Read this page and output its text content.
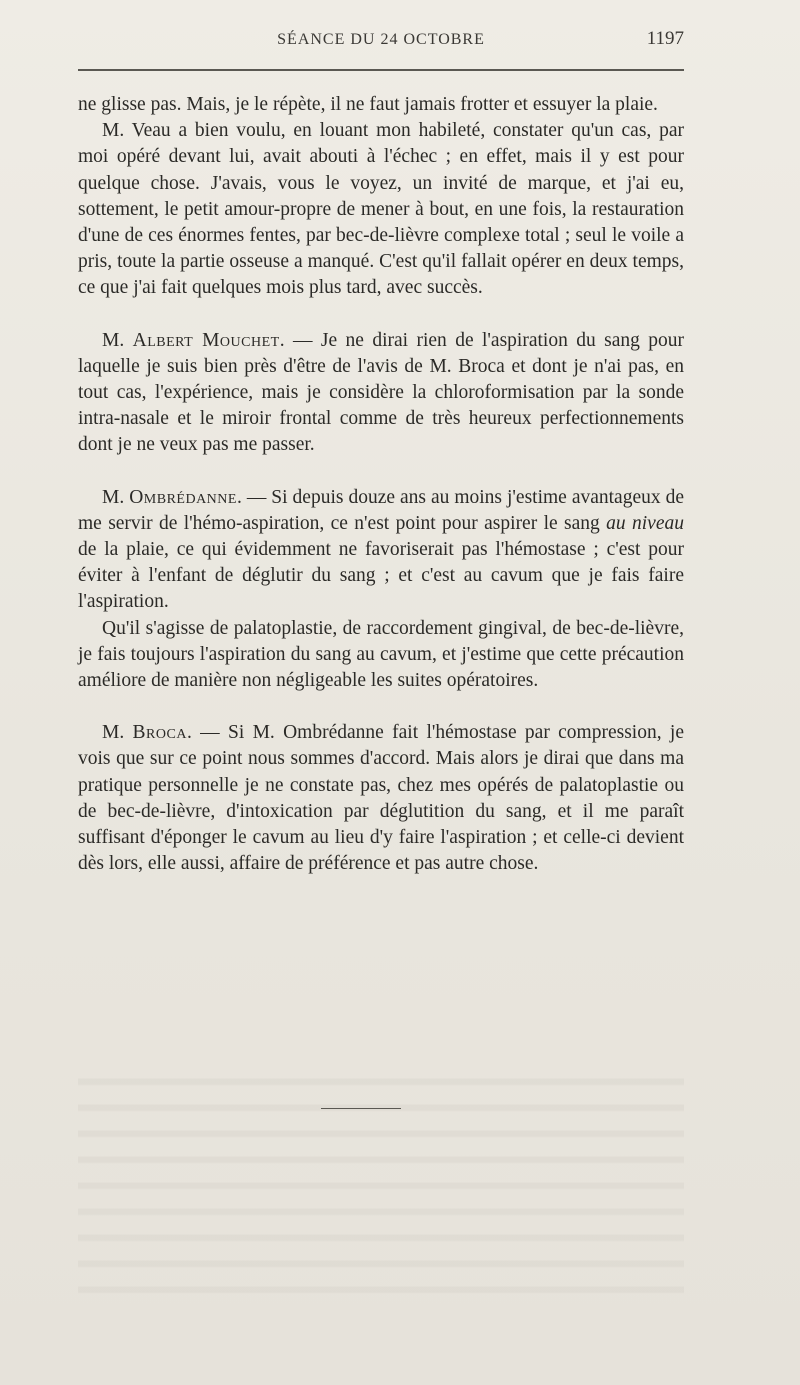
SÉANCE DU 24 OCTOBRE	1197

ne glisse pas. Mais, je le répète, il ne faut jamais frotter et essuyer la plaie.

M. Veau a bien voulu, en louant mon habileté, constater qu'un cas, par moi opéré devant lui, avait abouti à l'échec ; en effet, mais il y est pour quelque chose. J'avais, vous le voyez, un invité de marque, et j'ai eu, sottement, le petit amour-propre de mener à bout, en une fois, la restauration d'une de ces énormes fentes, par bec-de-lièvre complexe total ; seul le voile a pris, toute la partie osseuse a manqué. C'est qu'il fallait opérer en deux temps, ce que j'ai fait quelques mois plus tard, avec succès.

M. Albert Mouchet. — Je ne dirai rien de l'aspiration du sang pour laquelle je suis bien près d'être de l'avis de M. Broca et dont je n'ai pas, en tout cas, l'expérience, mais je considère la chloroformisation par la sonde intra-nasale et le miroir frontal comme de très heureux perfectionnements dont je ne veux pas me passer.

M. Ombrédanne. — Si depuis douze ans au moins j'estime avantageux de me servir de l'hémo-aspiration, ce n'est point pour aspirer le sang au niveau de la plaie, ce qui évidemment ne favoriserait pas l'hémostase ; c'est pour éviter à l'enfant de déglutir du sang ; et c'est au cavum que je fais faire l'aspiration.

Qu'il s'agisse de palatoplastie, de raccordement gingival, de bec-de-lièvre, je fais toujours l'aspiration du sang au cavum, et j'estime que cette précaution améliore de manière non négligeable les suites opératoires.

M. Broca. — Si M. Ombrédanne fait l'hémostase par compression, je vois que sur ce point nous sommes d'accord. Mais alors je dirai que dans ma pratique personnelle je ne constate pas, chez mes opérés de palatoplastie ou de bec-de-lièvre, d'intoxication par déglutition du sang, et il me paraît suffisant d'éponger le cavum au lieu d'y faire l'aspiration ; et celle-ci devient dès lors, elle aussi, affaire de préférence et pas autre chose.
